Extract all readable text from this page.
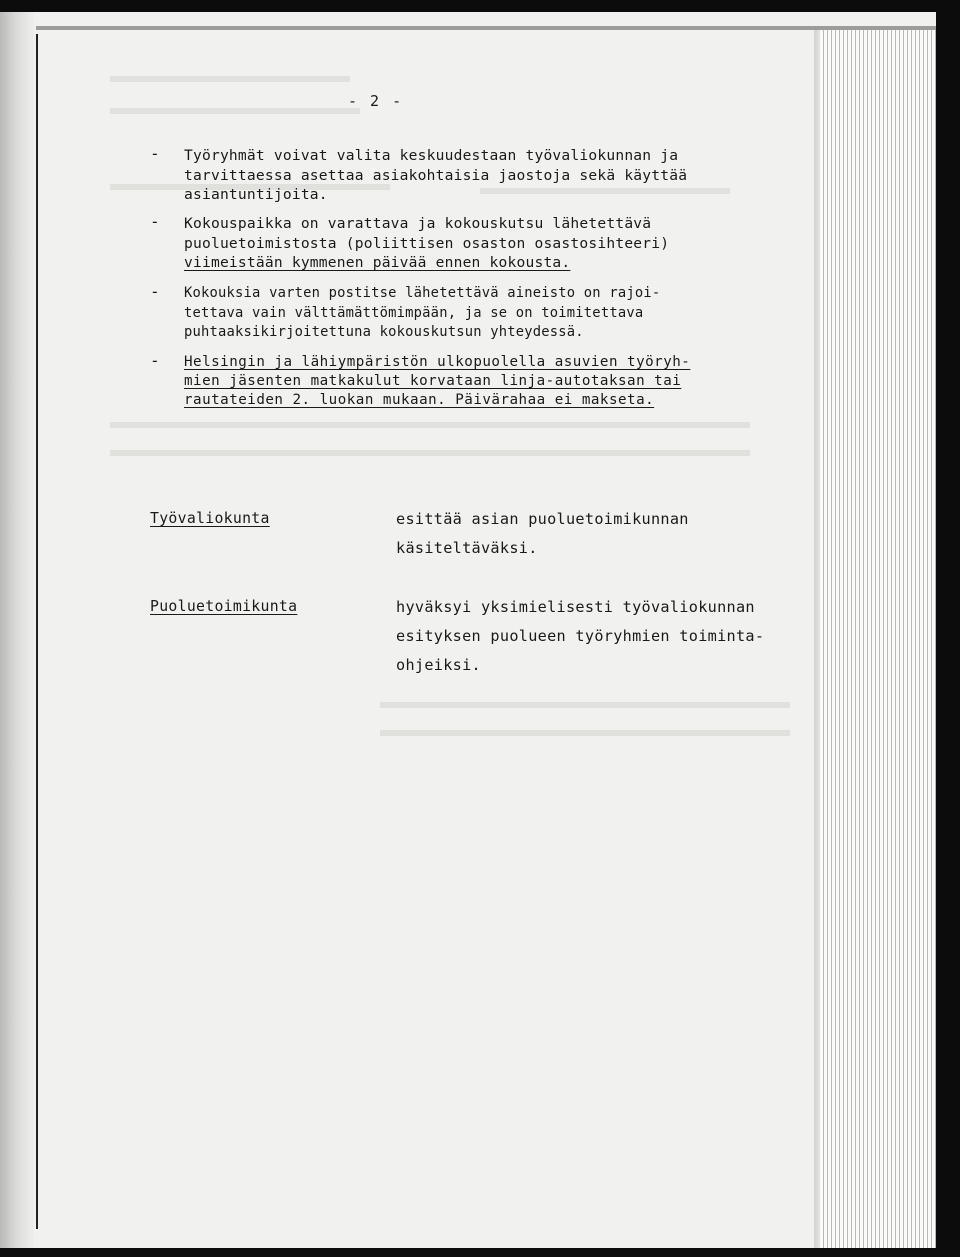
- 2 -
- Työryhmät voivat valita keskuudestaan työvaliokunnan ja
tarvittaessa asettaa asiakohtaisia jaostoja sekä käyttää
asiantuntijoita.
- Kokouspaikka on varattava ja kokouskutsu lähetettävä
puoluetoimistosta (poliittisen osaston osastosihteeri)
viimeistään kymmenen päivää ennen kokousta.
- Kokouksia varten postitse lähetettävä aineisto on rajoi-
tettava vain välttämättömimpään, ja se on toimitettava
puhtaaksikirjoitettuna kokouskutsun yhteydessä.
- Helsingin ja lähiympäristön ulkopuolella asuvien työryh-
mien jäsenten matkakulut korvataan linja-autotaksan tai
rautateiden 2. luokan mukaan. Päivärahaa ei makseta.
Työvaliokunta	esittää asian puoluetoimikunnan
käsiteltäväksi.
Puoluetoimikunta	hyväksyi yksimielisesti työvaliokunnan
esityksen puolueen työryhmien toiminta-
ohjeiksi.
